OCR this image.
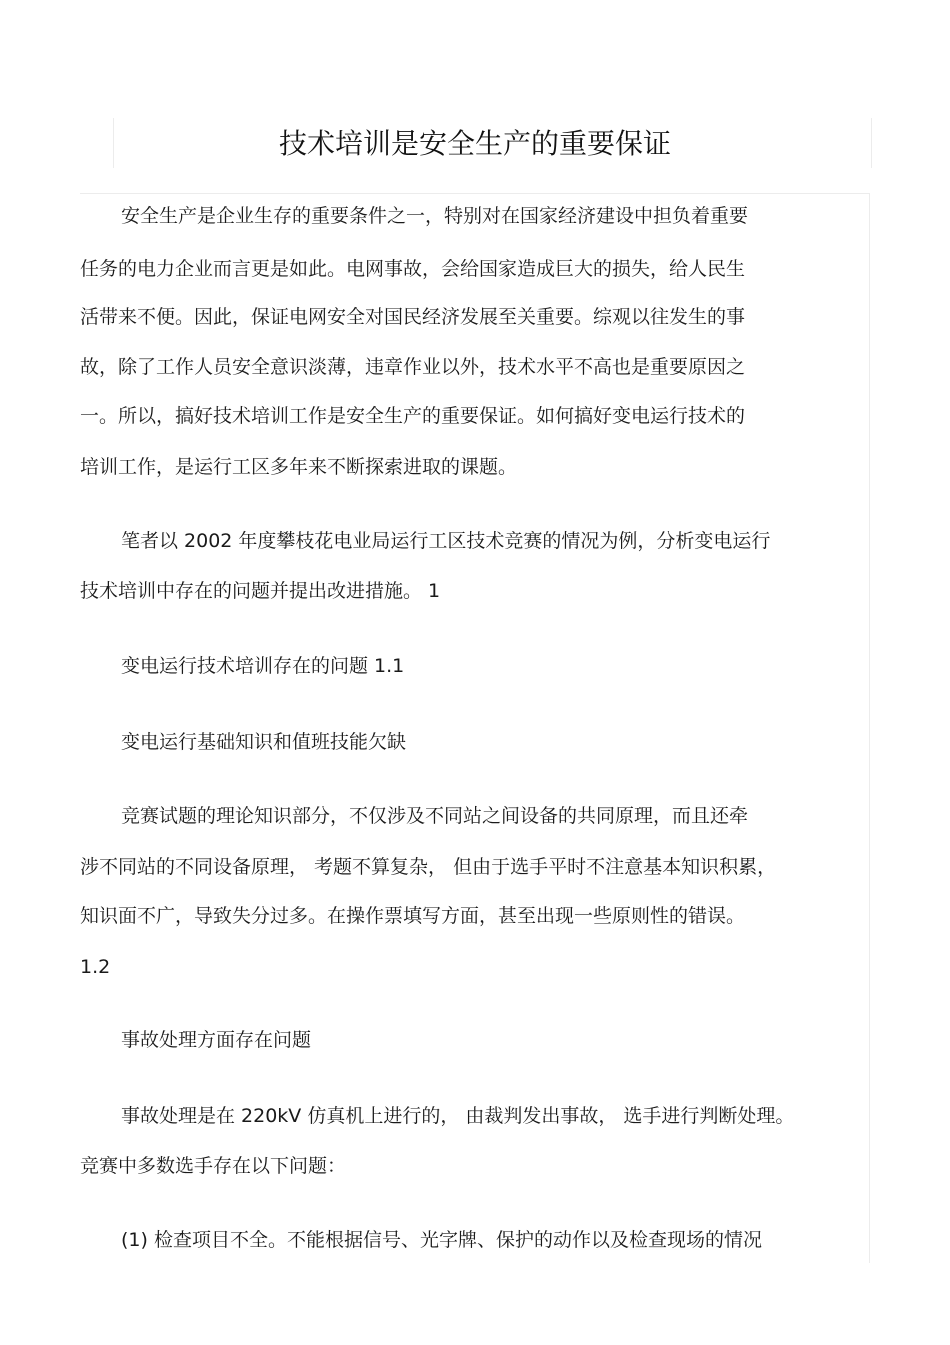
技术培训是安全生产的重要保证

安全生产是企业生存的重要条件之一，特别对在国家经济建设中担负着重要

任务的电力企业而言更是如此。电网事故，会给国家造成巨大的损失，给人民生

活带来不便。因此，保证电网安全对国民经济发展至关重要。综观以往发生的事

故，除了工作人员安全意识淡薄，违章作业以外，技术水平不高也是重要原因之

一。所以，搞好技术培训工作是安全生产的重要保证。如何搞好变电运行技术的

培训工作，是运行工区多年来不断探索进取的课题。

笔者以 2002 年度攀枝花电业局运行工区技术竞赛的情况为例，分析变电运行

技术培训中存在的问题并提出改进措施。 1

变电运行技术培训存在的问题 1.1

变电运行基础知识和值班技能欠缺

竞赛试题的理论知识部分，不仅涉及不同站之间设备的共同原理，而且还牵

涉不同站的不同设备原理， 考题不算复杂， 但由于选手平时不注意基本知识积累，

知识面不广，导致失分过多。在操作票填写方面，甚至出现一些原则性的错误。

1.2

事故处理方面存在问题

事故处理是在 220kV 仿真机上进行的， 由裁判发出事故， 选手进行判断处理。

竞赛中多数选手存在以下问题：

(1) 检查项目不全。不能根据信号、光字牌、保护的动作以及检查现场的情况
